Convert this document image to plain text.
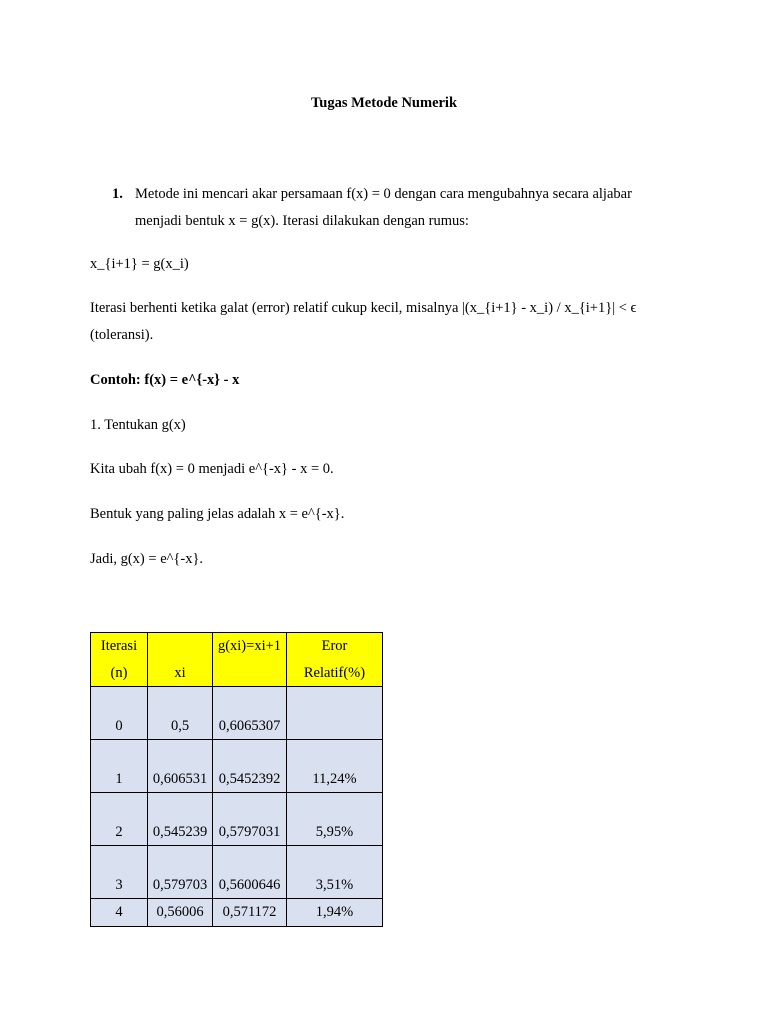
Tugas Metode Numerik
1. Metode ini mencari akar persamaan f(x) = 0 dengan cara mengubahnya secara aljabar menjadi bentuk x = g(x). Iterasi dilakukan dengan rumus:
x_{i+1} = g(x_i)
Iterasi berhenti ketika galat (error) relatif cukup kecil, misalnya |(x_{i+1} - x_i) / x_{i+1}| < ϵ (toleransi).
Contoh: f(x) = e^{-x} - x
1. Tentukan g(x)
Kita ubah f(x) = 0 menjadi e^{-x} - x = 0.
Bentuk yang paling jelas adalah x = e^{-x}.
Jadi, g(x) = e^{-x}.
Iterasi (n)	xi	g(xi)=xi+1	Eror Relatif(%)
0	0,5	0,6065307	
1	0,606531	0,5452392	11,24%
2	0,545239	0,5797031	5,95%
3	0,579703	0,5600646	3,51%
4	0,56006	0,571172	1,94%
